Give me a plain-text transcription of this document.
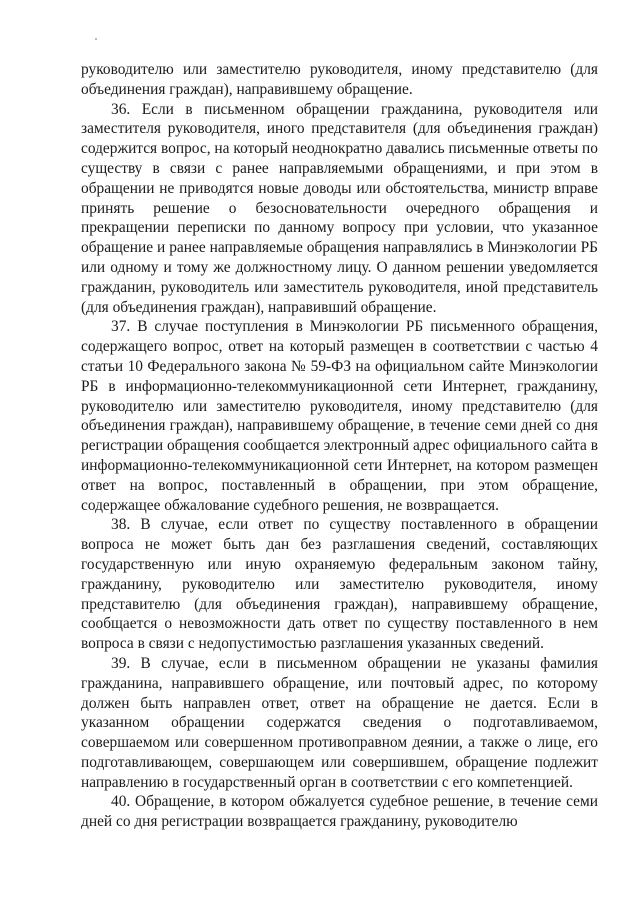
руководителю или заместителю руководителя, иному представителю (для объединения граждан), направившему обращение.

36. Если в письменном обращении гражданина, руководителя или заместителя руководителя, иного представителя (для объединения граждан) содержится вопрос, на который неоднократно давались письменные ответы по существу в связи с ранее направляемыми обращениями, и при этом в обращении не приводятся новые доводы или обстоятельства, министр вправе принять решение о безосновательности очередного обращения и прекращении переписки по данному вопросу при условии, что указанное обращение и ранее направляемые обращения направлялись в Минэкологии РБ или одному и тому же должностному лицу. О данном решении уведомляется гражданин, руководитель или заместитель руководителя, иной представитель (для объединения граждан), направивший обращение.

37. В случае поступления в Минэкологии РБ письменного обращения, содержащего вопрос, ответ на который размещен в соответствии с частью 4 статьи 10 Федерального закона № 59-ФЗ на официальном сайте Минэкологии РБ в информационно-телекоммуникационной сети Интернет, гражданину, руководителю или заместителю руководителя, иному представителю (для объединения граждан), направившему обращение, в течение семи дней со дня регистрации обращения сообщается электронный адрес официального сайта в информационно-телекоммуникационной сети Интернет, на котором размещен ответ на вопрос, поставленный в обращении, при этом обращение, содержащее обжалование судебного решения, не возвращается.

38. В случае, если ответ по существу поставленного в обращении вопроса не может быть дан без разглашения сведений, составляющих государственную или иную охраняемую федеральным законом тайну, гражданину, руководителю или заместителю руководителя, иному представителю (для объединения граждан), направившему обращение, сообщается о невозможности дать ответ по существу поставленного в нем вопроса в связи с недопустимостью разглашения указанных сведений.

39. В случае, если в письменном обращении не указаны фамилия гражданина, направившего обращение, или почтовый адрес, по которому должен быть направлен ответ, ответ на обращение не дается. Если в указанном обращении содержатся сведения о подготавливаемом, совершаемом или совершенном противоправном деянии, а также о лице, его подготавливающем, совершающем или совершившем, обращение подлежит направлению в государственный орган в соответствии с его компетенцией.

40. Обращение, в котором обжалуется судебное решение, в течение семи дней со дня регистрации возвращается гражданину, руководителю
